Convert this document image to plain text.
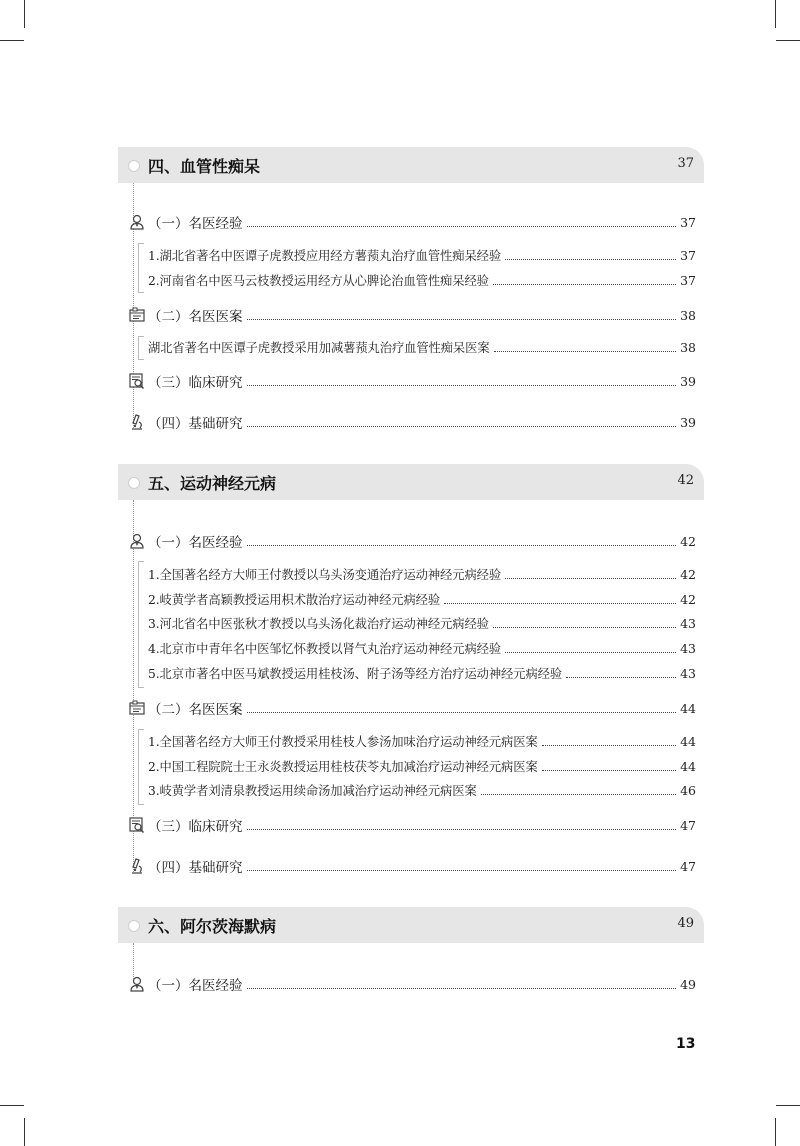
四、血管性痴呆	37
（一）名医经验	37
1.湖北省著名中医谭子虎教授应用经方薯蓣丸治疗血管性痴呆经验	37
2.河南省名中医马云枝教授运用经方从心脾论治血管性痴呆经验	37
（二）名医医案	38
湖北省著名中医谭子虎教授采用加减薯蓣丸治疗血管性痴呆医案	38
（三）临床研究	39
（四）基础研究	39
五、运动神经元病	42
（一）名医经验	42
1.全国著名经方大师王付教授以乌头汤变通治疗运动神经元病经验	42
2.岐黄学者高颖教授运用枳术散治疗运动神经元病经验	42
3.河北省名中医张秋才教授以乌头汤化裁治疗运动神经元病经验	43
4.北京市中青年名中医邹忆怀教授以肾气丸治疗运动神经元病经验	43
5.北京市著名中医马斌教授运用桂枝汤、附子汤等经方治疗运动神经元病经验	43
（二）名医医案	44
1.全国著名经方大师王付教授采用桂枝人参汤加味治疗运动神经元病医案	44
2.中国工程院院士王永炎教授运用桂枝茯苓丸加减治疗运动神经元病医案	44
3.岐黄学者刘清泉教授运用续命汤加减治疗运动神经元病医案	46
（三）临床研究	47
（四）基础研究	47
六、阿尔茨海默病	49
（一）名医经验	49
13
